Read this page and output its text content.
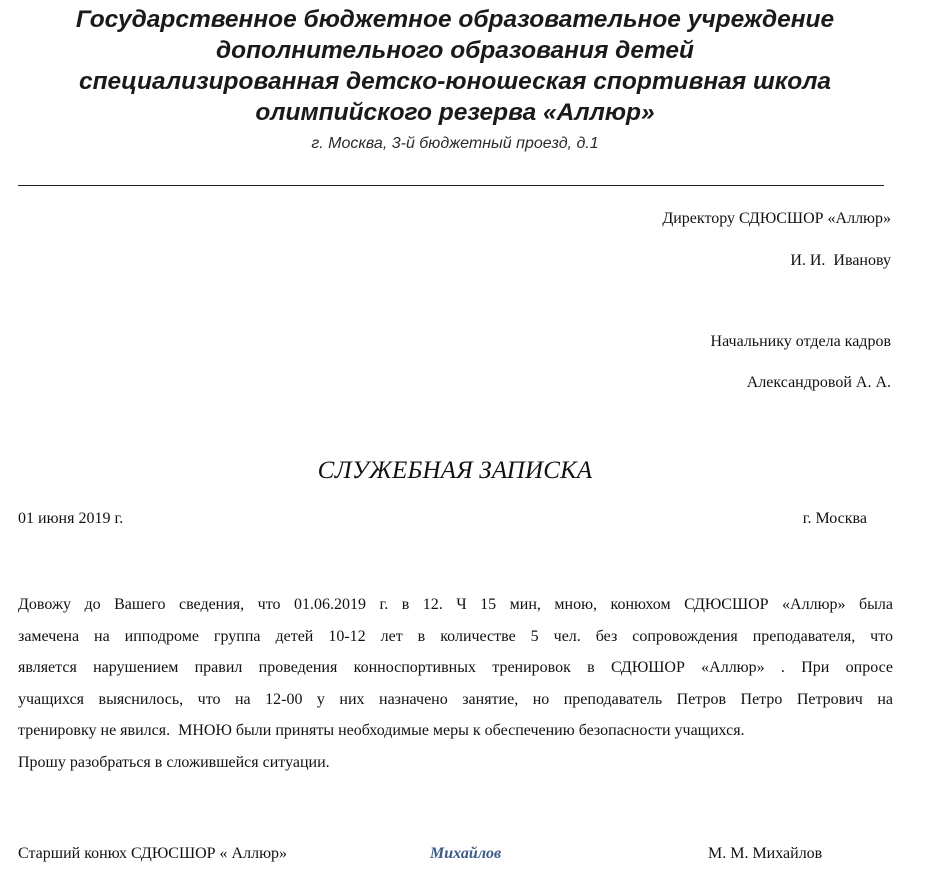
Государственное бюджетное образовательное учреждение
дополнительного образования детей
специализированная детско-юношеская спортивная школа
олимпийского резерва «Аллюр»
г. Москва, 3-й бюджетный проезд, д.1
Директору СДЮСШОР «Аллюр»
И. И.  Иванову
Начальнику отдела кадров
Александровой А. А.
СЛУЖЕБНАЯ ЗАПИСКА
01 июня 2019 г.	г. Москва
Довожу до Вашего сведения, что 01.06.2019 г. в 12. Ч 15 мин, мною, конюхом СДЮСШОР «Аллюр» была
замечена на ипподроме группа детей 10-12 лет в количестве 5 чел. без сопровождения преподавателя, что
является нарушением правил проведения конноспортивных тренировок в СДЮШОР «Аллюр» . При опросе
учащихся выяснилось, что на 12-00 у них назначено занятие, но преподаватель Петров Петро Петрович на
тренировку не явился.  МНОЮ были приняты необходимые меры к обеспечению безопасности учащихся.
Прошу разобраться в сложившейся ситуации.
Старший конюх СДЮСШОР « Аллюр»	Михайлов	М. М. Михайлов
